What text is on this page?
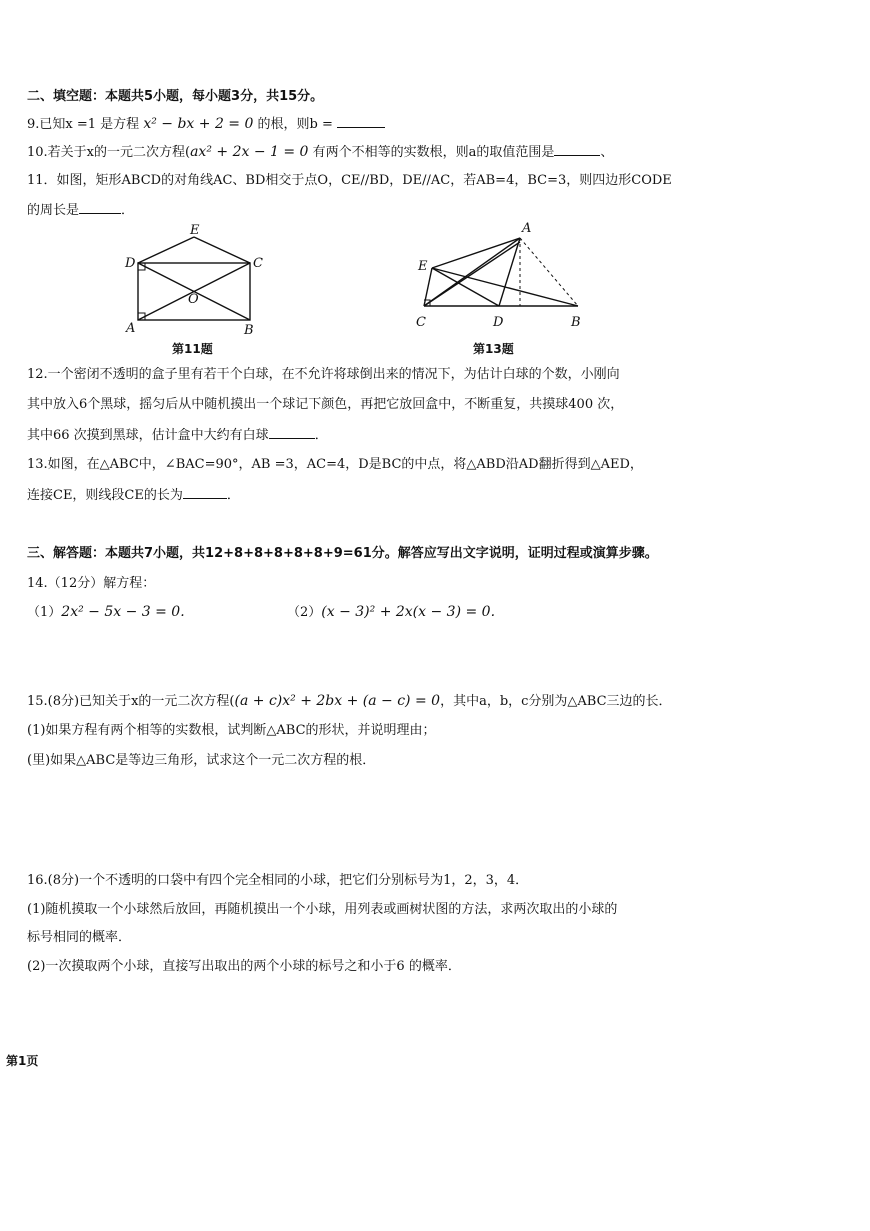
二、填空题：本题共5小题，每小题3分，共15分。
9.已知x =1 是方程 x² − bx + 2 = 0 的根，则b =
10.若关于x的一元二次方程(ax² + 2x − 1 = 0 有两个不相等的实数根，则a的取值范围是	、
11．如图，矩形ABCD的对角线AC、BD相交于点O，CE//BD，DE//AC，若AB=4，BC=3，则四边形CODE
的周长是	．
E
D	C
O
A	B
第11题
A
E
C	D	B
第13题
12.一个密闭不透明的盒子里有若干个白球，在不允许将球倒出来的情况下，为估计白球的个数，小刚向
其中放入6个黑球，摇匀后从中随机摸出一个球记下颜色，再把它放回盒中，不断重复，共摸球400 次，
其中66 次摸到黑球，估计盒中大约有白球	．
13.如图，在△ABC中，∠BAC=90°，AB =3，AC=4，D是BC的中点，将△ABD沿AD翻折得到△AED，
连接CE，则线段CE的长为	．
三、解答题：本题共7小题，共12+8+8+8+8+8+9=61分。解答应写出文字说明，证明过程或演算步骤。
14.（12分）解方程：
（1）2x² − 5x − 3 = 0.	（2）(x − 3)² + 2x(x − 3) = 0.
15.(8分)已知关于x的一元二次方程((a + c)x² + 2bx + (a − c) = 0，其中a，b，c分别为△ABC三边的长．
(1)如果方程有两个相等的实数根，试判断△ABC的形状，并说明理由；
(里)如果△ABC是等边三角形，试求这个一元二次方程的根．
16.(8分)一个不透明的口袋中有四个完全相同的小球，把它们分别标号为1，2，3，4．
(1)随机摸取一个小球然后放回，再随机摸出一个小球，用列表或画树状图的方法，求两次取出的小球的
标号相同的概率．
(2)一次摸取两个小球，直接写出取出的两个小球的标号之和小于6 的概率．
第1页
